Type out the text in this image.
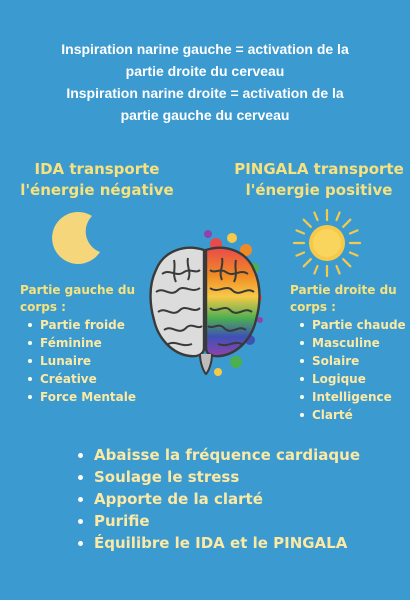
Inspiration narine gauche = activation de la
partie droite du cerveau
Inspiration narine droite = activation de la
partie gauche du cerveau
IDA transporte
l'énergie négative
PINGALA transporte
l'énergie positive
Partie gauche du
corps :
Partie froide
Féminine
Lunaire
Créative
Force Mentale
Partie droite du
corps :
Partie chaude
Masculine
Solaire
Logique
Intelligence
Clarté
Abaisse la fréquence cardiaque
Soulage le stress
Apporte de la clarté
Purifie
Équilibre le IDA et le PINGALA
